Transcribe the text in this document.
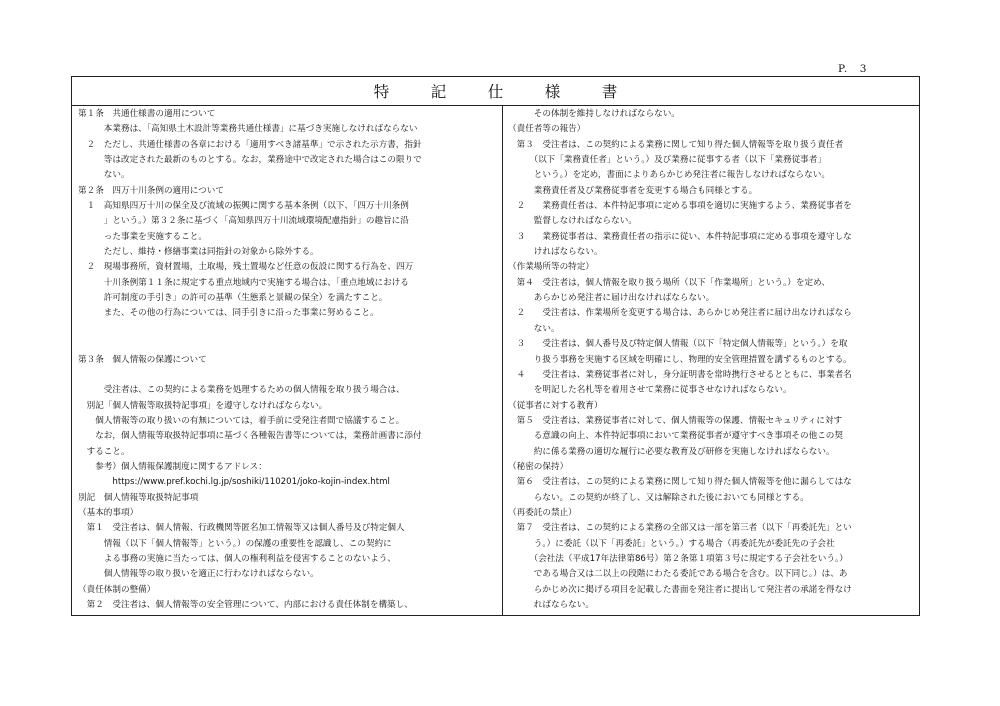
P.　3
特　記　仕　様　書
第１条　共通仕様書の適用について
　　　本業務は、「高知県土木設計等業務共通仕様書」に基づき実施しなければならない
　２　ただし、共通仕様書の各章における「適用すべき諸基準」で示された示方書，指針
　　　等は改定された最新のものとする。なお，業務途中で改定された場合はこの限りで
　　　ない。
第２条　四万十川条例の適用について
　１　高知県四万十川の保全及び流域の振興に関する基本条例（以下、「四万十川条例
　　　」という。）第３２条に基づく「高知県四万十川流域環境配慮指針」の趣旨に沿
　　　った事業を実施すること。
　　　ただし、維持・修繕事業は同指針の対象から除外する。
　２　現場事務所，資材置場，土取場，残土置場など任意の仮設に関する行為を、四万
　　　十川条例第１１条に規定する重点地域内で実施する場合は、「重点地域における
　　　許可制度の手引き」の許可の基準（生態系と景観の保全）を満たすこと。
　　　また、その他の行為については、同手引きに沿った事業に努めること。
第３条　個人情報の保護について
　　　受注者は、この契約による業務を処理するための個人情報を取り扱う場合は、
　別記「個人情報等取扱特記事項」を遵守しなければならない。
　　個人情報等の取り扱いの有無については，着手前に受発注者間で協議すること。
　　なお，個人情報等取扱特記事項に基づく各種報告書等については，業務計画書に添付
　すること。
　　参考）個人情報保護制度に関するアドレス：
　　　　https://www.pref.kochi.lg.jp/soshiki/110201/joko-kojin-index.html
別記　個人情報等取扱特記事項
（基本的事項）
　第１　受注者は、個人情報、行政機関等匿名加工情報等又は個人番号及び特定個人
　　　情報（以下「個人情報等」という。）の保護の重要性を認識し、この契約に
　　　よる事務の実施に当たっては、個人の権利利益を侵害することのないよう、
　　　個人情報等の取り扱いを適正に行わなければならない。
（責任体制の整備）
　第２　受注者は、個人情報等の安全管理について、内部における責任体制を構築し、
　　　その体制を維持しなければならない。
（責任者等の報告）
　第３　受注者は、この契約による業務に関して知り得た個人情報等を取り扱う責任者
　　　（以下「業務責任者」という。）及び業務に従事する者（以下「業務従事者」
　　　という。）を定め，書面によりあらかじめ発注者に報告しなければならない。
　　　業務責任者及び業務従事者を変更する場合も同様とする。
　２　　業務責任者は、本件特記事項に定める事項を適切に実施するよう、業務従事者を
　　　監督しなければならない。
　３　　業務従事者は、業務責任者の指示に従い、本件特記事項に定める事項を遵守しな
　　　ければならない。
（作業場所等の特定）
　第４　受注者は，個人情報を取り扱う場所（以下「作業場所」という。）を定め、
　　　あらかじめ発注者に届け出なければならない。
　２　　受注者は、作業場所を変更する場合は、あらかじめ発注者に届け出なければなら
　　　ない。
　３　　受注者は、個人番号及び特定個人情報（以下「特定個人情報等」という。）を取
　　　り扱う事務を実施する区域を明確にし、物理的安全管理措置を講ずるものとする。
　４　　受注者は、業務従事者に対し，身分証明書を常時携行させるとともに、事業者名
　　　を明記した名札等を着用させて業務に従事させなければならない。
（従事者に対する教育）
　第５　受注者は、業務従事者に対して、個人情報等の保護、情報セキュリティに対す
　　　る意識の向上、本件特記事項において業務従事者が遵守すべき事項その他この契
　　　約に係る業務の適切な履行に必要な教育及び研修を実施しなければならない。
（秘密の保持）
　第６　受注者は、この契約による業務に関して知り得た個人情報等を他に漏らしてはな
　　　らない。この契約が終了し、又は解除された後においても同様とする。
（再委託の禁止）
　第７　受注者は、この契約による業務の全部又は一部を第三者（以下「再委託先」とい
　　　う。）に委託（以下「再委託」という。）する場合（再委託先が委託先の子会社
　　　（会社法（平成17年法律第86号）第２条第１項第３号に規定する子会社をいう。）
　　　である場合又は二以上の段階にわたる委託である場合を含む。以下同じ。）は、あ
　　　らかじめ次に掲げる項目を記載した書面を発注者に提出して発注者の承諾を得なけ
　　　ればならない。
